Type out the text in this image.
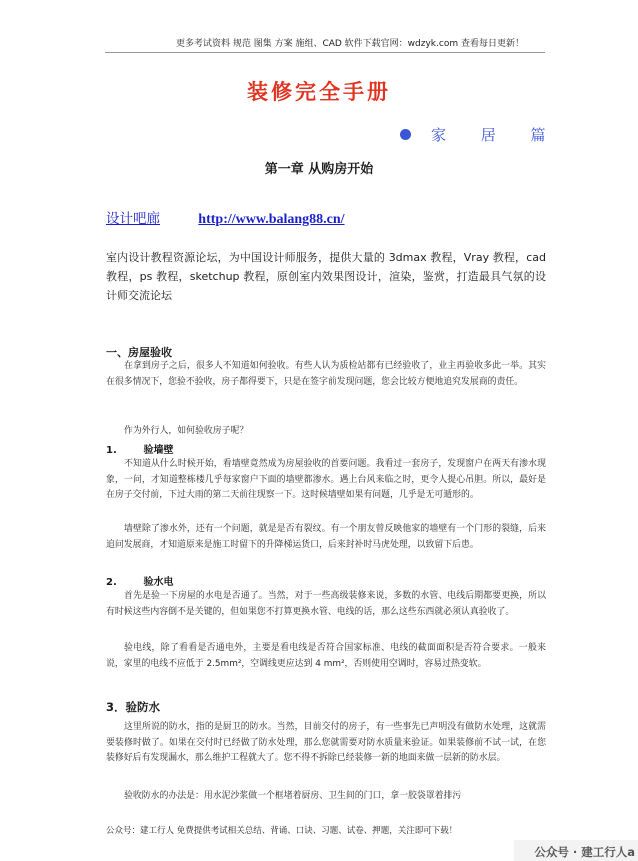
更多考试资料 规范 图集 方案 施组、CAD 软件下载官网：wdzyk.com 查看每日更新！
装修完全手册
家 居 篇
第一章 从购房开始
设计吧廊	http://www.balang88.cn/
室内设计教程资源论坛，为中国设计师服务，提供大量的 3dmax 教程，Vray 教程，cad 教程，ps 教程，sketchup 教程，原创室内效果图设计，渲染，鉴赏，打造最具气氛的设计师交流论坛
一、房屋验收
在拿到房子之后，很多人不知道如何验收。有些人认为质检站都有已经验收了，业主再验收多此一举。其实在很多情况下，您验不验收，房子都得要下，只是在签字前发现问题，您会比较方便地追究发展商的责任。
作为外行人，如何验收房子呢？
1.	验墙壁
不知道从什么时候开始，看墙壁竟然成为房屋验收的首要问题。我看过一套房子，发现窗户在两天有渗水现象，一问，才知道整栋楼几乎每家窗户下面的墙壁都渗水。遇上台风来临之时，更令人提心吊胆。所以，最好是在房子交付前，下过大雨的第二天前往现察一下。这时候墙壁如果有问题，几乎是无可遁形的。
墙壁除了渗水外，还有一个问题，就是是否有裂纹。有一个朋友曾反映他家的墙壁有一个门形的裂缝，后来追问发展商，才知道原来是施工时留下的升降梯运货口，后来封补时马虎处理，以致留下后患。
2.	验水电
首先是验一下房屋的水电是否通了。当然，对于一些高级装修来说，多数的水管、电线后期都要更换，所以有时候这些内容倒不是关键的，但如果您不打算更换水管、电线的话，那么这些东西就必须认真验收了。
验电线，除了看看是否通电外，主要是看电线是否符合国家标准、电线的截面面积是否符合要求。一般来说，家里的电线不应低于 2.5mm²，空调线更应达到 4 mm²，否则使用空调时，容易过热变软。
3．验防水
这里所说的防水，指的是厨卫的防水。当然，目前交付的房子，有一些事先已声明没有做防水处理，这就需要装修时做了。如果在交付时已经做了防水处理，那么您就需要对防水质量来验证。如果装修前不试一试，在您装修好后有发现漏水，那么维护工程就大了。您不得不拆除已经装修一新的地面来做一层新的防水层。
验收防水的办法是：用水泥沙浆做一个框堵着厨房、卫生间的门口，拿一胶袋罩着排污
公众号：建工行人 免费提供考试相关总结、背诵、口诀、习题、试卷、押题，关注即可下载！
公众号 · 建工行人a
